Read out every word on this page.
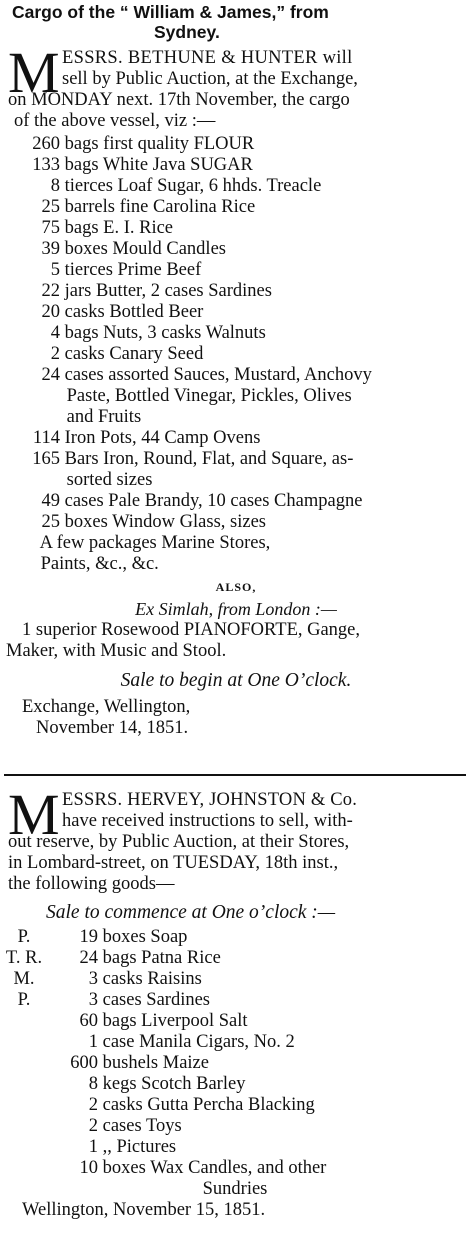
Cargo of the “ William & James,” from
Sydney.
M ESSRS. BETHUNE & HUNTER will
sell by Public Auction, at the Exchange,
on MONDAY next. 17th November, the cargo
of the above vessel, viz :—
260 bags first quality FLOUR
133 bags White Java SUGAR
8 tierces Loaf Sugar, 6 hhds. Treacle
25 barrels fine Carolina Rice
75 bags E. I. Rice
39 boxes Mould Candles
5 tierces Prime Beef
22 jars Butter, 2 cases Sardines
20 casks Bottled Beer
4 bags Nuts, 3 casks Walnuts
2 casks Canary Seed
24 cases assorted Sauces, Mustard, Anchovy
Paste, Bottled Vinegar, Pickles, Olives
and Fruits
114 Iron Pots, 44 Camp Ovens
165 Bars Iron, Round, Flat, and Square, as-
sorted sizes
49 cases Pale Brandy, 10 cases Champagne
25 boxes Window Glass, sizes
A few packages Marine Stores,
Paints, &c., &c.
ALSO,
Ex Simlah, from London :—
1 superior Rosewood PIANOFORTE, Gange,
Maker, with Music and Stool.
Sale to begin at One O’clock.
Exchange, Wellington,
November 14, 1851.
M ESSRS. HERVEY, JOHNSTON & Co.
have received instructions to sell, with-
out reserve, by Public Auction, at their Stores,
in Lombard-street, on TUESDAY, 18th inst.,
the following goods—
Sale to commence at One o’clock :—
P.	19 boxes Soap
T. R. 24 bags Patna Rice
M.	3 casks Raisins
P.	3 cases Sardines
60 bags Liverpool Salt
1 case Manila Cigars, No. 2
600 bushels Maize
8 kegs Scotch Barley
2 casks Gutta Percha Blacking
2 cases Toys
1 ,, Pictures
10 boxes Wax Candles, and other
Sundries
Wellington, November 15, 1851.
